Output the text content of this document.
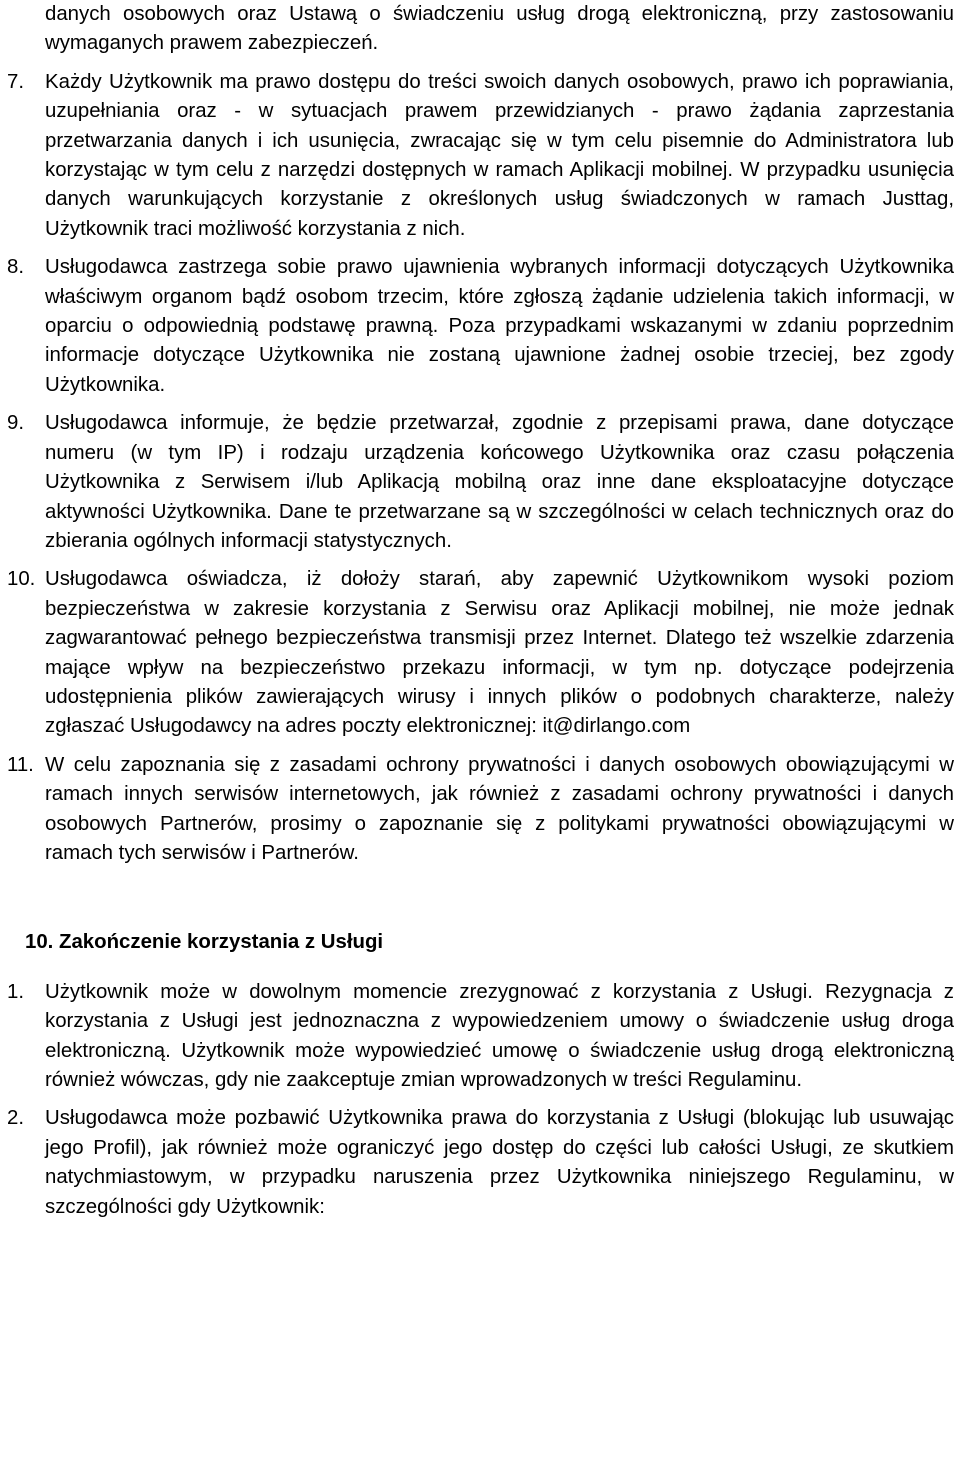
danych osobowych oraz Ustawą o świadczeniu usług drogą elektroniczną, przy zastosowaniu wymaganych prawem zabezpieczeń.
7.	Każdy Użytkownik ma prawo dostępu do treści swoich danych osobowych, prawo ich poprawiania, uzupełniania oraz - w sytuacjach prawem przewidzianych - prawo żądania zaprzestania przetwarzania danych i ich usunięcia, zwracając się w tym celu pisemnie do Administratora lub korzystając w tym celu z narzędzi dostępnych w ramach Aplikacji mobilnej. W przypadku usunięcia danych warunkujących korzystanie z określonych usług świadczonych w ramach Justtag, Użytkownik traci możliwość korzystania z nich.
8.	Usługodawca zastrzega sobie prawo ujawnienia wybranych informacji dotyczących Użytkownika właściwym organom bądź osobom trzecim, które zgłoszą żądanie udzielenia takich informacji, w oparciu o odpowiednią podstawę prawną. Poza przypadkami wskazanymi w zdaniu poprzednim informacje dotyczące Użytkownika nie zostaną ujawnione żadnej osobie trzeciej, bez zgody Użytkownika.
9.	Usługodawca informuje, że będzie przetwarzał, zgodnie z przepisami prawa, dane dotyczące numeru (w tym IP) i rodzaju urządzenia końcowego Użytkownika oraz czasu połączenia Użytkownika z Serwisem i/lub Aplikacją mobilną oraz inne dane eksploatacyjne dotyczące aktywności Użytkownika. Dane te przetwarzane są w szczególności w celach technicznych oraz do zbierania ogólnych informacji statystycznych.
10. Usługodawca oświadcza, iż dołoży starań, aby zapewnić Użytkownikom wysoki poziom bezpieczeństwa w zakresie korzystania z Serwisu oraz Aplikacji mobilnej, nie może jednak zagwarantować pełnego bezpieczeństwa transmisji przez Internet. Dlatego też wszelkie zdarzenia mające wpływ na bezpieczeństwo przekazu informacji, w tym np. dotyczące podejrzenia udostępnienia plików zawierających wirusy i innych plików o podobnych charakterze, należy zgłaszać Usługodawcy na adres poczty elektronicznej: it@dirlango.com
11. W celu zapoznania się z zasadami ochrony prywatności i danych osobowych obowiązującymi w ramach innych serwisów internetowych, jak również z zasadami ochrony prywatności i danych osobowych Partnerów, prosimy o zapoznanie się z politykami prywatności obowiązującymi w ramach tych serwisów i Partnerów.
10. Zakończenie korzystania z Usługi
1.	Użytkownik może w dowolnym momencie zrezygnować z korzystania z Usługi. Rezygnacja z korzystania z Usługi jest jednoznaczna z wypowiedzeniem umowy o świadczenie usług droga elektroniczną. Użytkownik może wypowiedzieć umowę o świadczenie usług drogą elektroniczną również wówczas, gdy nie zaakceptuje zmian wprowadzonych w treści Regulaminu.
2.	Usługodawca może pozbawić Użytkownika prawa do korzystania z Usługi (blokując lub usuwając jego Profil), jak również może ograniczyć jego dostęp do części lub całości Usługi, ze skutkiem natychmiastowym, w przypadku naruszenia przez Użytkownika niniejszego Regulaminu, w szczególności gdy Użytkownik:
